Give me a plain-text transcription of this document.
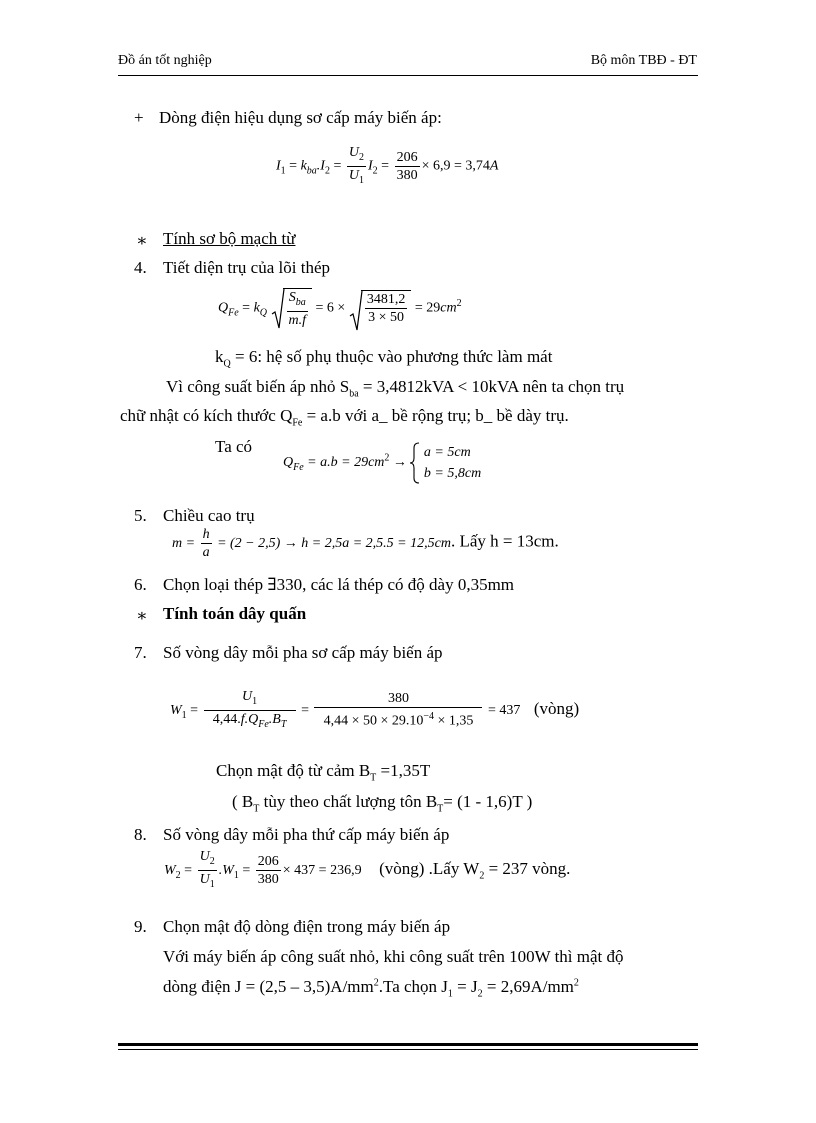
Đồ án tốt nghiệp	Bộ môn TBĐ - ĐT
+ Dòng điện hiệu dụng sơ cấp máy biến áp:
$I_1 = k_{ba}.I_2 = \frac{U_2}{U_1} I_2 = \frac{206}{380} \times 6,9 = 3,74A$
∗ Tính sơ bộ mạch từ
4. Tiết diện trụ của lõi thép
$Q_{Fe} = k_Q \frac{S_{ba}}{m.f} = 6 \times \frac{3481,2}{3 \times 50} = 29cm^2$
$k_Q = 6$: hệ số phụ thuộc vào phương thức làm mát
Vì công suất biến áp nhỏ $S_{ba} = 3,4812kVA < 10kVA$ nên ta chọn trụ
chữ nhật có kích thước $Q_{Fe} = a.b$ với a_ bề rộng trụ; b_ bề dày trụ.
Ta có
$Q_{Fe} = a.b = 29cm^2$ →
a = 5cm
b = 5,8cm
5. Chiều cao trụ
$m = \frac{h}{a} = (2 - 2,5) \to h = 2,5a = 2,5.5 = 12,5cm$. Lấy h = 13cm.
6. Chọn loại thép ∃330, các lá thép có độ dày 0,35mm
∗ Tính toán dây quấn
7. Số vòng dây mỗi pha sơ cấp máy biến áp
$W_1 = \frac{U_1}{4,44.f.Q_{Fe}.B_T} = \frac{380}{4,44 \times 50 \times 29.10^{-4} \times 1,35} = 437$ (vòng)
Chọn mật độ từ cảm $B_T =1,35T$
( $B_T$ tùy theo chất lượng tôn $B_T= (1 - 1,6)T$ )
8. Số vòng dây mỗi pha thứ cấp máy biến áp
$W_2 = \frac{U_2}{U_1} .W_1 = \frac{206}{380} \times 437 = 236,9$ (vòng) .Lấy $W_2 = 237$ vòng.
9. Chọn mật độ dòng điện trong máy biến áp
Với máy biến áp công suất nhỏ, khi công suất trên 100W thì mật độ
dòng điện $J = (2,5 - 3,5)A/mm^2.Ta$ chọn $J_1 = J_2 = 2,69A/mm^2$
